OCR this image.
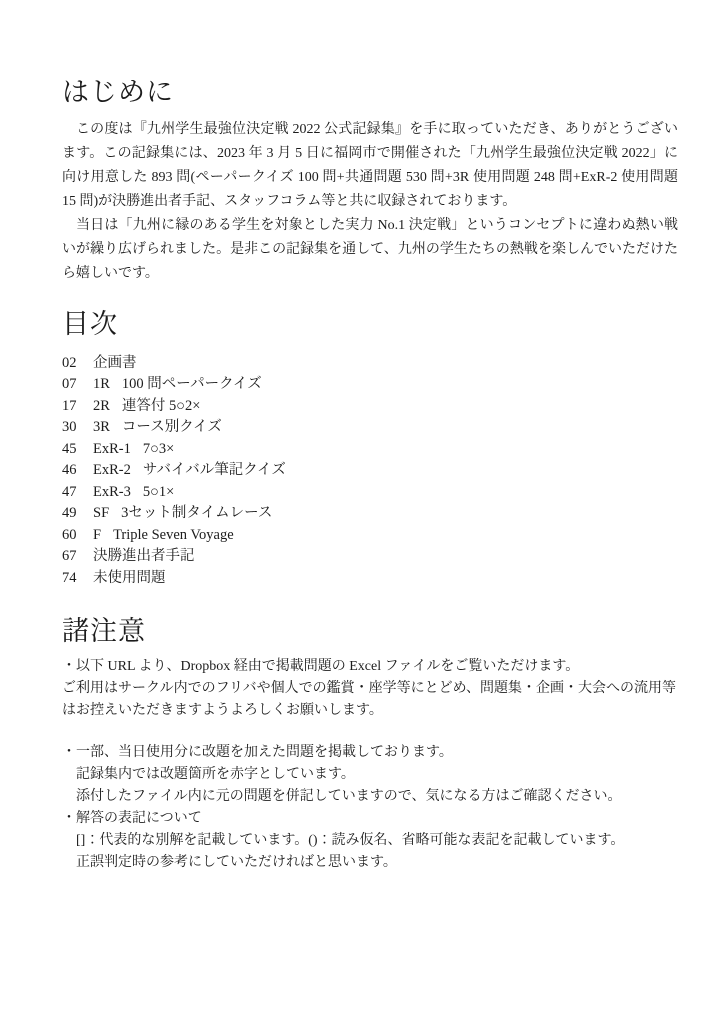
はじめに

この度は『九州学生最強位決定戦 2022 公式記録集』を手に取っていただき、ありがとうございます。この記録集には、2023 年 3 月 5 日に福岡市で開催された「九州学生最強位決定戦 2022」に向け用意した 893 問(ペーパークイズ 100 問+共通問題 530 問+3R 使用問題 248 問+ExR-2 使用問題 15 問)が決勝進出者手記、スタッフコラム等と共に収録されております。

当日は「九州に縁のある学生を対象とした実力 No.1 決定戦」というコンセプトに違わぬ熱い戦いが繰り広げられました。是非この記録集を通して、九州の学生たちの熱戦を楽しんでいただけたら嬉しいです。

目次
02 企画書
07 1R 100 問ペーパークイズ
17 2R 連答付 5○2×
30 3R コース別クイズ
45 ExR-1 7○3×
46 ExR-2 サバイバル筆記クイズ
47 ExR-3 5○1×
49 SF 3セット制タイムレース
60 F Triple Seven Voyage
67 決勝進出者手記
74 未使用問題
諸注意

・以下 URL より、Dropbox 経由で掲載問題の Excel ファイルをご覧いただけます。

ご利用はサークル内でのフリバや個人での鑑賞・座学等にとどめ、問題集・企画・大会への流用等はお控えいただきますようよろしくお願いします。

・一部、当日使用分に改題を加えた問題を掲載しております。

記録集内では改題箇所を赤字としています。

添付したファイル内に元の問題を併記していますので、気になる方はご確認ください。

・解答の表記について

[]：代表的な別解を記載しています。()：読み仮名、省略可能な表記を記載しています。

正誤判定時の参考にしていただければと思います。
